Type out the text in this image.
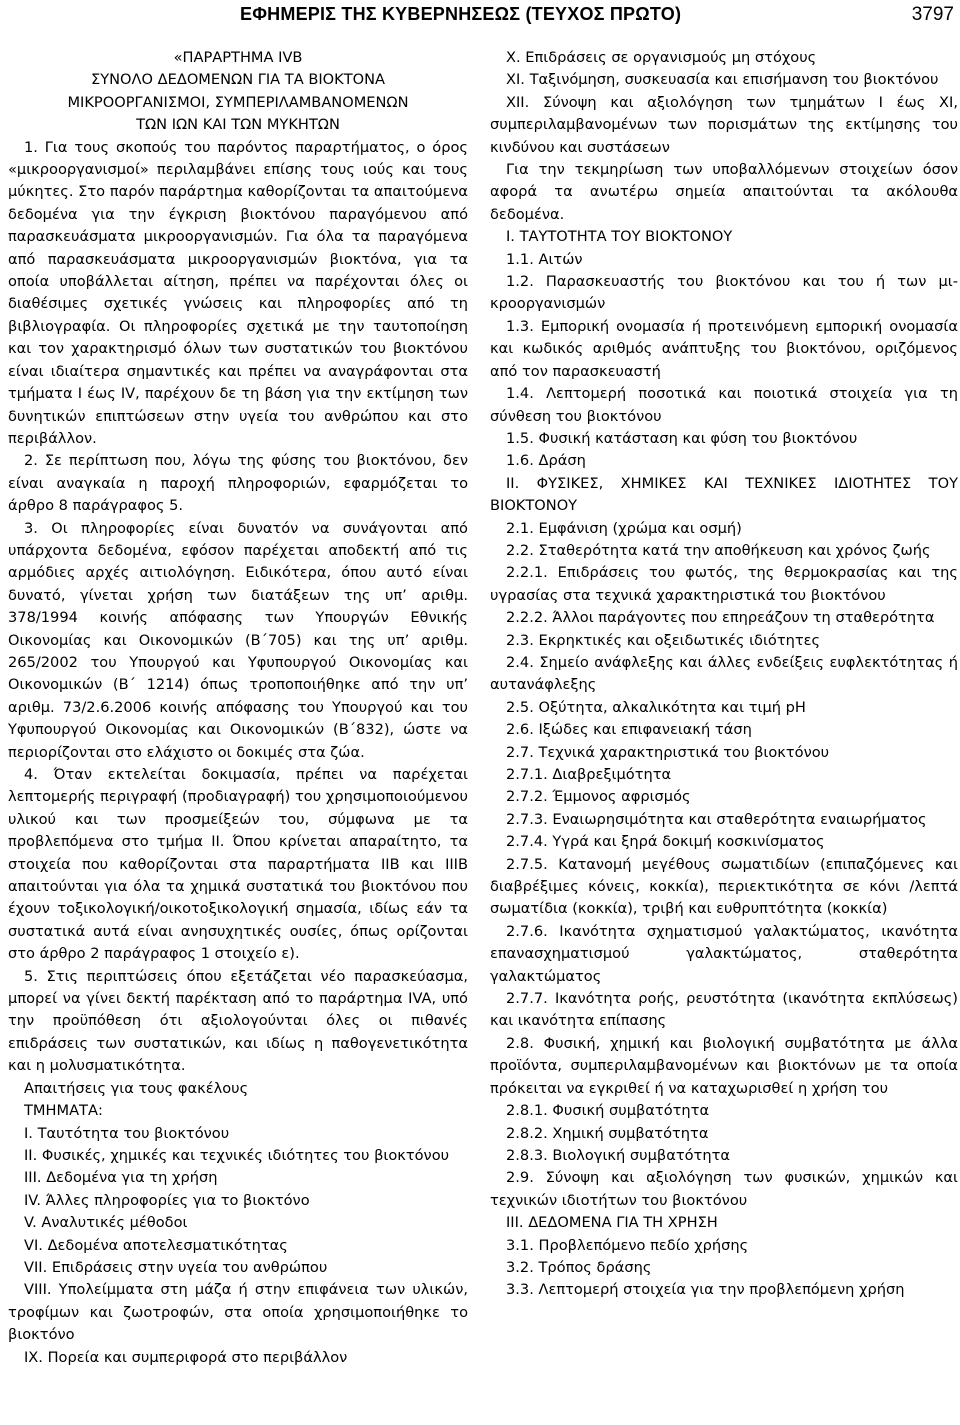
ΕΦΗΜΕΡΙΣ ΤΗΣ ΚΥΒΕΡΝΗΣΕΩΣ (ΤΕΥΧΟΣ ΠΡΩΤΟ)	3797

«ΠΑΡΑΡΤΗΜΑ IVB

ΣΥΝΟΛΟ ΔΕΔΟΜΕΝΩΝ ΓΙΑ ΤΑ ΒΙΟΚΤΟΝΑ

ΜΙΚΡΟΟΡΓΑΝΙΣΜΟΙ, ΣΥΜΠΕΡΙΛΑΜΒΑΝΟΜΕΝΩΝ

ΤΩΝ ΙΩΝ ΚΑΙ ΤΩΝ ΜΥΚΗΤΩΝ

1. Για τους σκοπούς του παρόντος παραρτήματος, ο όρος «μικροοργανισμοί» περιλαμβάνει επίσης τους ιούς και τους μύκητες. Στο παρόν παράρτημα καθορίζονται τα απαιτούμενα δεδομένα για την έγκριση βιοκτόνου παραγόμενου από παρασκευάσματα μικροοργανισμών. Για όλα τα παραγόμενα από παρασκευάσματα μικροοργανισμών βιοκτόνα, για τα οποία υποβάλλεται αίτηση, πρέπει να παρέχονται όλες οι διαθέσιμες σχετικές γνώσεις και πληροφορίες από τη βιβλιογραφία. Οι πληροφορίες σχετικά με την ταυτοποίηση και τον χαρακτηρισμό όλων των συστατικών του βιοκτόνου είναι ιδιαίτερα σημαντικές και πρέπει να αναγράφονται στα τμήματα I έως IV, παρέχουν δε τη βάση για την εκτίμηση των δυνητικών επιπτώσεων στην υγεία του ανθρώπου και στο περιβάλλον.

2. Σε περίπτωση που, λόγω της φύσης του βιοκτόνου, δεν είναι αναγκαία η παροχή πληροφοριών, εφαρμόζεται το άρθρο 8 παράγραφος 5.

3. Οι πληροφορίες είναι δυνατόν να συνάγονται από υπάρχοντα δεδομένα, εφόσον παρέχεται αποδεκτή από τις αρμόδιες αρχές αιτιολόγηση. Ειδικότερα, όπου αυτό είναι δυνατό, γίνεται χρήση των διατάξεων της υπ’ αριθμ. 378/1994 κοινής απόφασης των Υπουργών Εθνικής Οικονομίας και Οικονομικών (Β΄705) και της υπ’ αριθμ. 265/2002 του Υπουργού και Υφυπουργού Οικονομίας και Οικονομικών (Β΄ 1214) όπως τροποποιήθηκε από την υπ’ αριθμ. 73/2.6.2006 κοινής απόφασης του Υπουργού και του Υφυπουργού Οικονομίας και Οικονομικών (Β΄832), ώστε να περιορίζονται στο ελάχιστο οι δοκιμές στα ζώα.

4. Όταν εκτελείται δοκιμασία, πρέπει να παρέχεται λεπτομερής περιγραφή (προδιαγραφή) του χρησιμοποιούμενου υλικού και των προσμείξεών του, σύμφωνα με τα προβλεπόμενα στο τμήμα II. Όπου κρίνεται απαραίτητο, τα στοιχεία που καθορίζονται στα παραρτήματα IIB και IIIB απαιτούνται για όλα τα χημικά συστατικά του βιοκτόνου που έχουν τοξικολογική/οικοτοξικολογική σημασία, ιδίως εάν τα συστατικά αυτά είναι ανησυχητικές ουσίες, όπως ορίζονται στο άρθρο 2 παράγραφος 1 στοιχείο ε).

5. Στις περιπτώσεις όπου εξετάζεται νέο παρασκεύασμα, μπορεί να γίνει δεκτή παρέκταση από το παράρτημα IVA, υπό την προϋπόθεση ότι αξιολογούνται όλες οι πιθανές επιδράσεις των συστατικών, και ιδίως η παθογενετικότητα και η μολυσματικότητα.

Απαιτήσεις για τους φακέλους

ΤΜΗΜΑΤΑ:

I. Ταυτότητα του βιοκτόνου

II. Φυσικές, χημικές και τεχνικές ιδιότητες του βιοκτόνου

III. Δεδομένα για τη χρήση

IV. Άλλες πληροφορίες για το βιοκτόνο

V. Αναλυτικές μέθοδοι

VI. Δεδομένα αποτελεσματικότητας

VII. Επιδράσεις στην υγεία του ανθρώπου

VIII. Υπολείμματα στη μάζα ή στην επιφάνεια των υλικών, τροφίμων και ζωοτροφών, στα οποία χρησιμοποιήθηκε το βιοκτόνο

IX. Πορεία και συμπεριφορά στο περιβάλλον

X. Επιδράσεις σε οργανισμούς μη στόχους

XI. Ταξινόμηση, συσκευασία και επισήμανση του βιοκτόνου

XII. Σύνοψη και αξιολόγηση των τμημάτων I έως XI, συμπεριλαμβανομένων των πορισμάτων της εκτίμησης του κινδύνου και συστάσεων

Για την τεκμηρίωση των υποβαλλόμενων στοιχείων όσον αφορά τα ανωτέρω σημεία απαιτούνται τα ακόλουθα δεδομένα.

I. ΤΑΥΤΟΤΗΤΑ ΤΟΥ ΒΙΟΚΤΟΝΟΥ

1.1. Αιτών

1.2. Παρασκευαστής του βιοκτόνου και του ή των μικροοργανισμών

1.3. Εμπορική ονομασία ή προτεινόμενη εμπορική ονομασία και κωδικός αριθμός ανάπτυξης του βιοκτόνου, οριζόμενος από τον παρασκευαστή

1.4. Λεπτομερή ποσοτικά και ποιοτικά στοιχεία για τη σύνθεση του βιοκτόνου

1.5. Φυσική κατάσταση και φύση του βιοκτόνου

1.6. Δράση

II. ΦΥΣΙΚΕΣ, ΧΗΜΙΚΕΣ ΚΑΙ ΤΕΧΝΙΚΕΣ ΙΔΙΟΤΗΤΕΣ ΤΟΥ ΒΙΟΚΤΟΝΟΥ

2.1. Εμφάνιση (χρώμα και οσμή)

2.2. Σταθερότητα κατά την αποθήκευση και χρόνος ζωής

2.2.1. Επιδράσεις του φωτός, της θερμοκρασίας και της υγρασίας στα τεχνικά χαρακτηριστικά του βιοκτόνου

2.2.2. Άλλοι παράγοντες που επηρεάζουν τη σταθερότητα

2.3. Εκρηκτικές και οξειδωτικές ιδιότητες

2.4. Σημείο ανάφλεξης και άλλες ενδείξεις ευφλεκτότητας ή αυτανάφλεξης

2.5. Οξύτητα, αλκαλικότητα και τιμή pH

2.6. Ιξώδες και επιφανειακή τάση

2.7. Τεχνικά χαρακτηριστικά του βιοκτόνου

2.7.1. Διαβρεξιμότητα

2.7.2. Έμμονος αφρισμός

2.7.3. Εναιωρησιμότητα και σταθερότητα εναιωρήματος

2.7.4. Υγρά και ξηρά δοκιμή κοσκινίσματος

2.7.5. Κατανομή μεγέθους σωματιδίων (επιπαζόμενες και διαβρέξιμες κόνεις, κοκκία), περιεκτικότητα σε κόνι /λεπτά σωματίδια (κοκκία), τριβή και ευθρυπτότητα (κοκκία)

2.7.6. Ικανότητα σχηματισμού γαλακτώματος, ικανότητα επανασχηματισμού γαλακτώματος, σταθερότητα γαλακτώματος

2.7.7. Ικανότητα ροής, ρευστότητα (ικανότητα εκπλύσεως) και ικανότητα επίπασης

2.8. Φυσική, χημική και βιολογική συμβατότητα με άλλα προϊόντα, συμπεριλαμβανομένων και βιοκτόνων με τα οποία πρόκειται να εγκριθεί ή να καταχωρισθεί η χρήση του

2.8.1. Φυσική συμβατότητα

2.8.2. Χημική συμβατότητα

2.8.3. Βιολογική συμβατότητα

2.9. Σύνοψη και αξιολόγηση των φυσικών, χημικών και τεχνικών ιδιοτήτων του βιοκτόνου

III. ΔΕΔΟΜΕΝΑ ΓΙΑ ΤΗ ΧΡΗΣΗ

3.1. Προβλεπόμενο πεδίο χρήσης

3.2. Τρόπος δράσης

3.3. Λεπτομερή στοιχεία για την προβλεπόμενη χρήση
